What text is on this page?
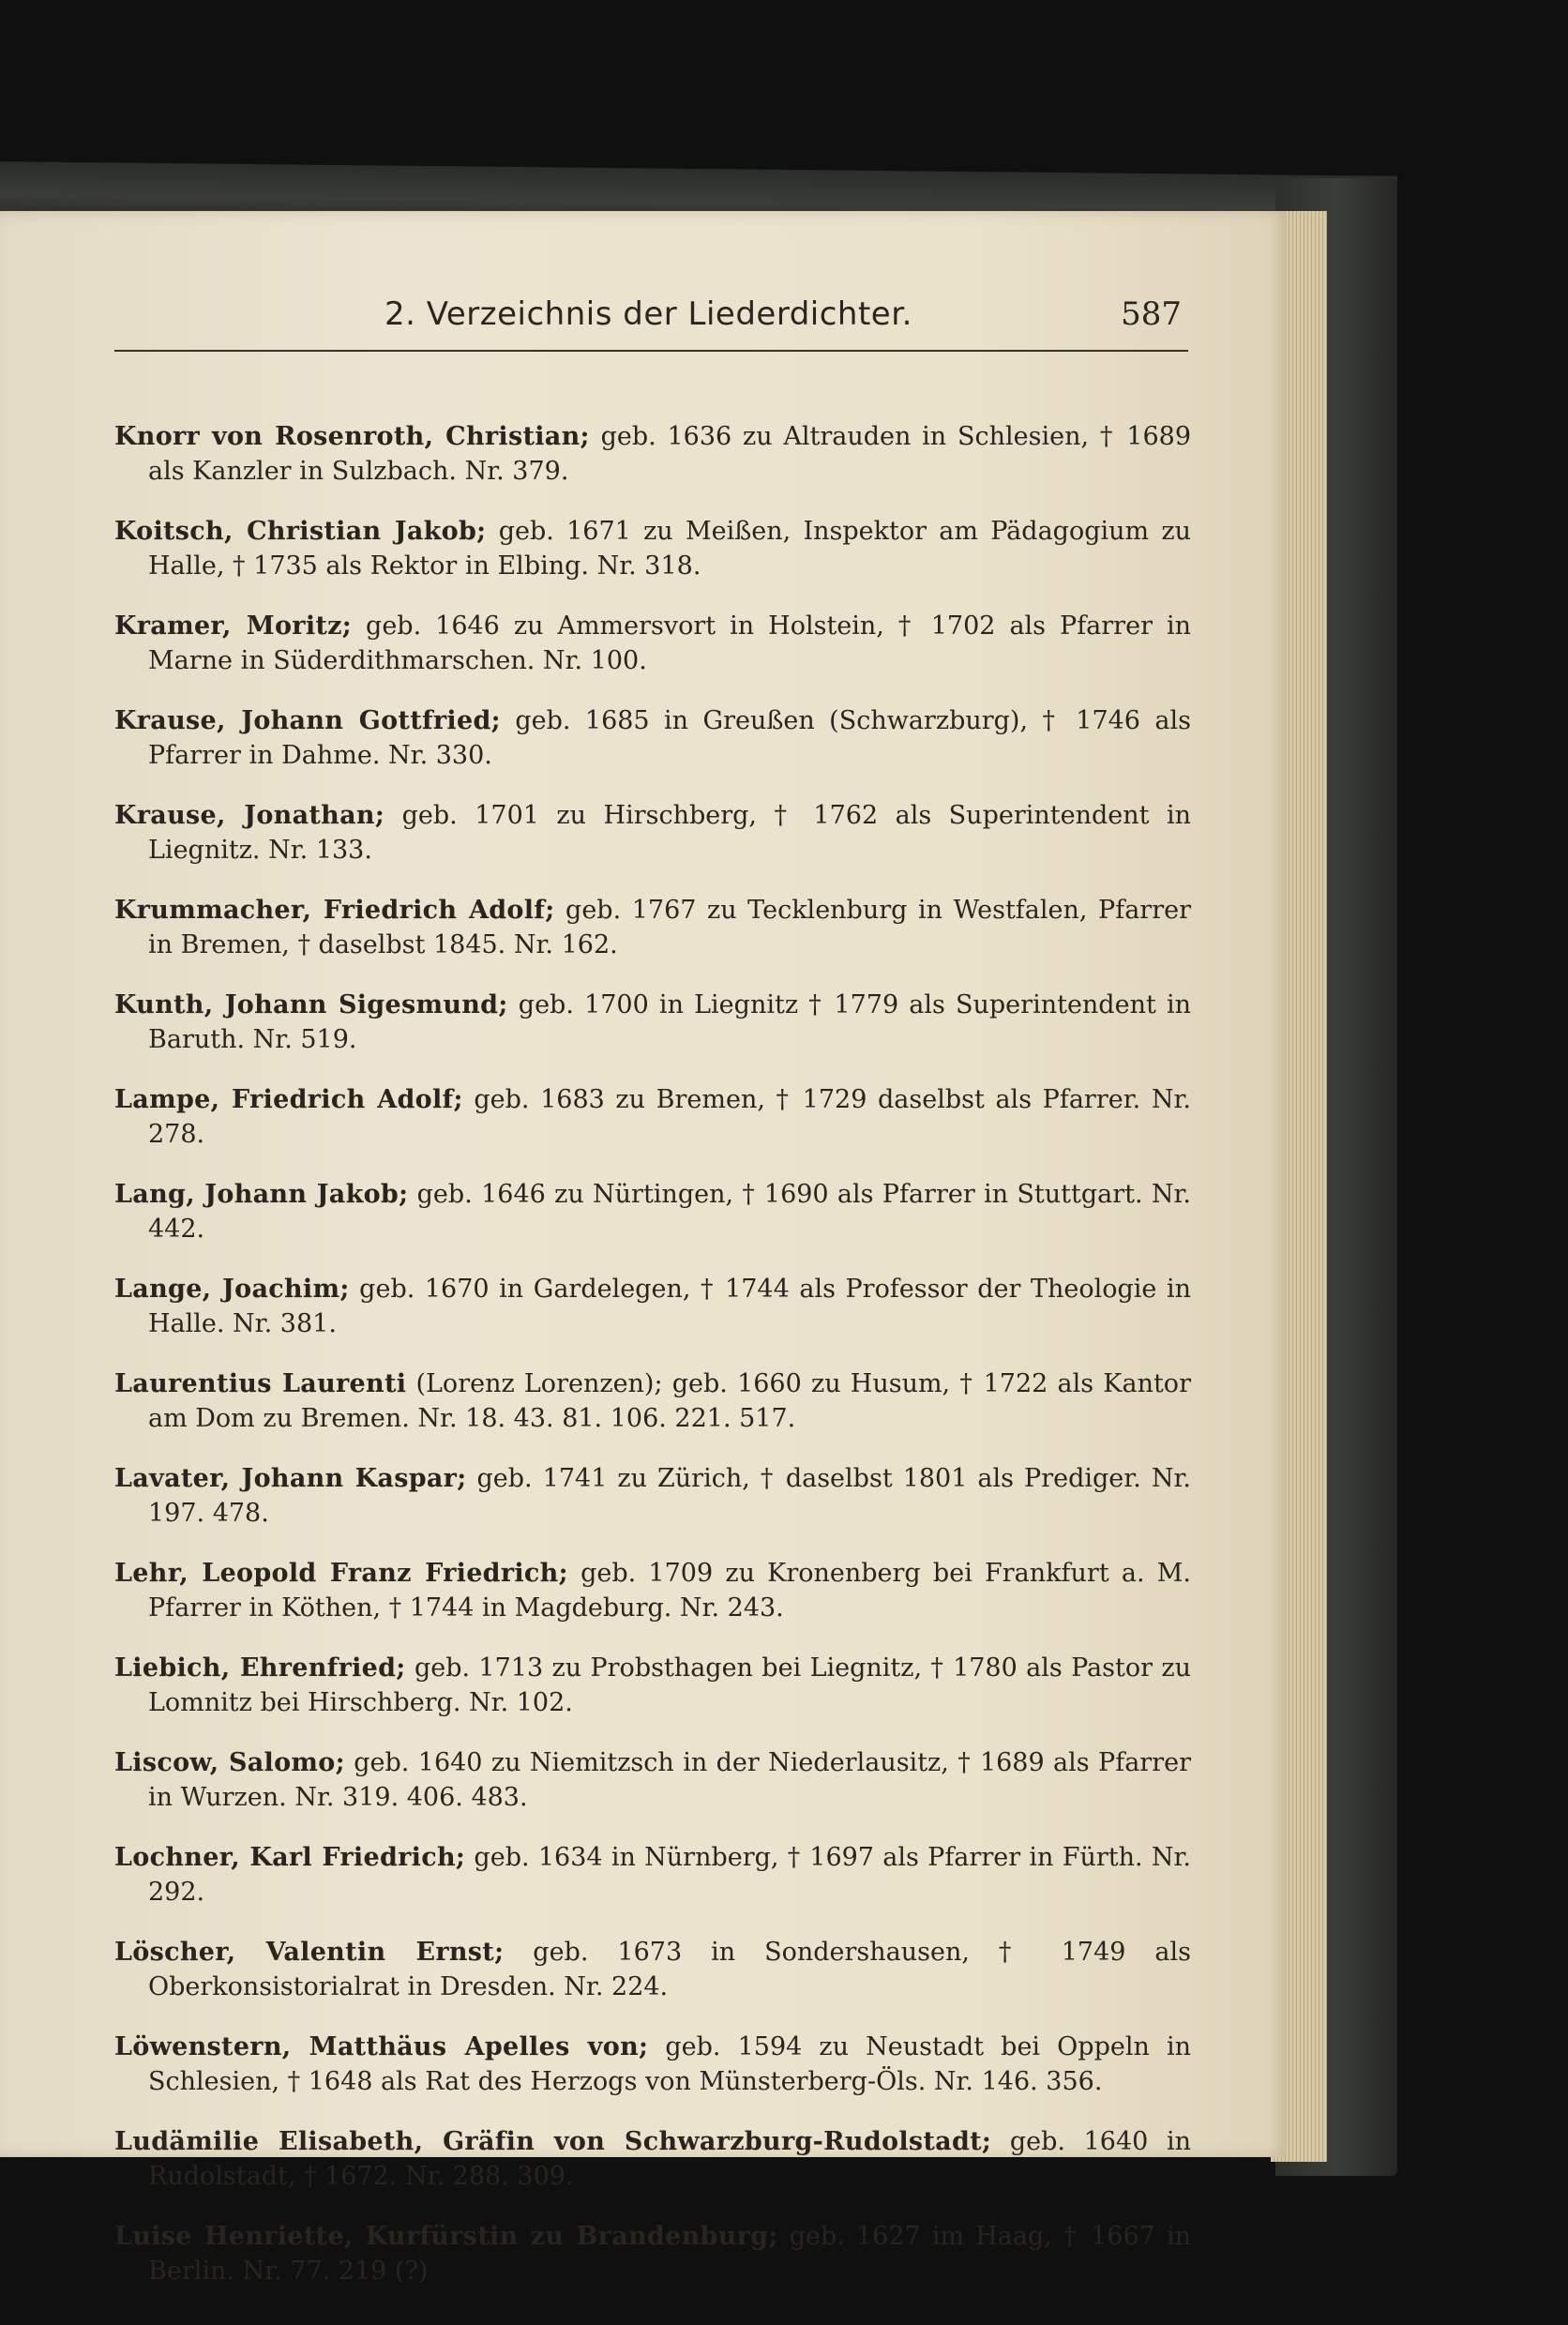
2. Verzeichnis der Liederdichter.	587

Knorr von Rosenroth, Christian; geb. 1636 zu Altrauden in Schlesien, † 1689 als Kanzler in Sulzbach. Nr. 379.

Koitsch, Christian Jakob; geb. 1671 zu Meißen, Inspektor am Pädagogium zu Halle, † 1735 als Rektor in Elbing. Nr. 318.

Kramer, Moritz; geb. 1646 zu Ammersvort in Holstein, † 1702 als Pfarrer in Marne in Süderdithmarschen. Nr. 100.

Krause, Johann Gottfried; geb. 1685 in Greußen (Schwarzburg), † 1746 als Pfarrer in Dahme. Nr. 330.

Krause, Jonathan; geb. 1701 zu Hirschberg, † 1762 als Superintendent in Liegnitz. Nr. 133.

Krummacher, Friedrich Adolf; geb. 1767 zu Tecklenburg in Westfalen, Pfarrer in Bremen, † daselbst 1845. Nr. 162.

Kunth, Johann Sigesmund; geb. 1700 in Liegnitz † 1779 als Superintendent in Baruth. Nr. 519.

Lampe, Friedrich Adolf; geb. 1683 zu Bremen, † 1729 daselbst als Pfarrer. Nr. 278.

Lang, Johann Jakob; geb. 1646 zu Nürtingen, † 1690 als Pfarrer in Stuttgart. Nr. 442.

Lange, Joachim; geb. 1670 in Gardelegen, † 1744 als Professor der Theologie in Halle. Nr. 381.

Laurentius Laurenti (Lorenz Lorenzen); geb. 1660 zu Husum, † 1722 als Kantor am Dom zu Bremen. Nr. 18. 43. 81. 106. 221. 517.

Lavater, Johann Kaspar; geb. 1741 zu Zürich, † daselbst 1801 als Prediger. Nr. 197. 478.

Lehr, Leopold Franz Friedrich; geb. 1709 zu Kronenberg bei Frankfurt a. M. Pfarrer in Köthen, † 1744 in Magdeburg. Nr. 243.

Liebich, Ehrenfried; geb. 1713 zu Probsthagen bei Liegnitz, † 1780 als Pastor zu Lomnitz bei Hirschberg. Nr. 102.

Liscow, Salomo; geb. 1640 zu Niemitzsch in der Niederlausitz, † 1689 als Pfarrer in Wurzen. Nr. 319. 406. 483.

Lochner, Karl Friedrich; geb. 1634 in Nürnberg, † 1697 als Pfarrer in Fürth. Nr. 292.

Löscher, Valentin Ernst; geb. 1673 in Sondershausen, † 1749 als Oberkonsistorialrat in Dresden. Nr. 224.

Löwenstern, Matthäus Apelles von; geb. 1594 zu Neustadt bei Oppeln in Schlesien, † 1648 als Rat des Herzogs von Münsterberg-Öls. Nr. 146. 356.

Ludämilie Elisabeth, Gräfin von Schwarzburg-Rudolstadt; geb. 1640 in Rudolstadt, † 1672. Nr. 288. 309.

Luise Henriette, Kurfürstin zu Brandenburg; geb. 1627 im Haag, † 1667 in Berlin. Nr. 77. 219 (?)
